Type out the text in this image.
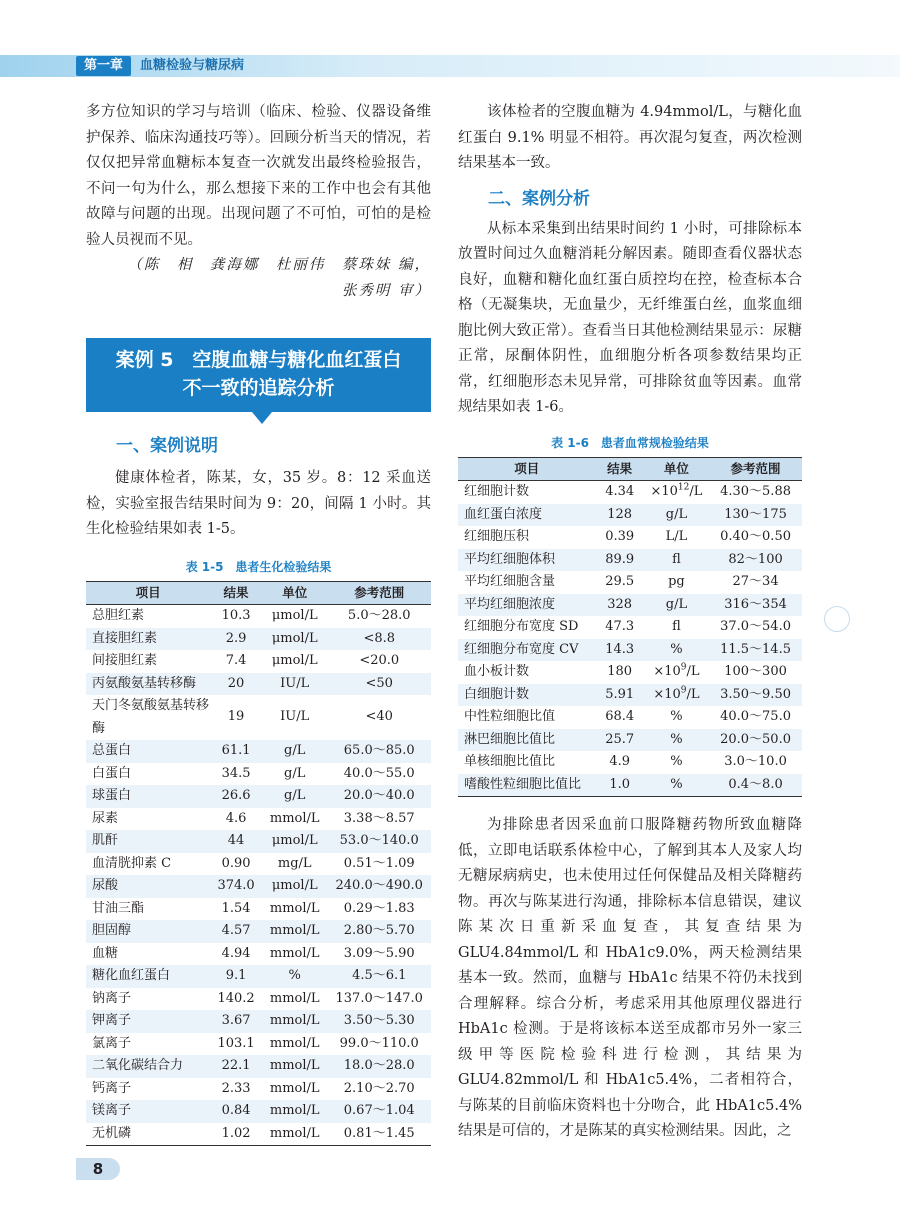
第一章	血糖检验与糖尿病

多方位知识的学习与培训（临床、检验、仪器设备维护保养、临床沟通技巧等）。回顾分析当天的情况，若仅仅把异常血糖标本复查一次就发出最终检验报告，不问一句为什么，那么想接下来的工作中也会有其他故障与问题的出现。出现问题了不可怕，可怕的是检验人员视而不见。

（陈　相　龚海娜　杜丽伟　蔡珠妹 编，

张秀明 审）

案例 5　空腹血糖与糖化血红蛋白
不一致的追踪分析

一、案例说明

健康体检者，陈某，女，35 岁。8：12 采血送检，实验室报告结果时间为 9：20，间隔 1 小时。其生化检验结果如表 1-5。

表 1-5　患者生化检验结果
项目	结果	单位	参考范围
总胆红素	10.3	μmol/L	5.0～28.0
直接胆红素	2.9	μmol/L	<8.8
间接胆红素	7.4	μmol/L	<20.0
丙氨酸氨基转移酶	20	IU/L	<50
天门冬氨酸氨基转移酶	19	IU/L	<40
总蛋白	61.1	g/L	65.0～85.0
白蛋白	34.5	g/L	40.0～55.0
球蛋白	26.6	g/L	20.0～40.0
尿素	4.6	mmol/L	3.38～8.57
肌酐	44	μmol/L	53.0～140.0
血清胱抑素 C	0.90	mg/L	0.51～1.09
尿酸	374.0	μmol/L	240.0～490.0
甘油三酯	1.54	mmol/L	0.29～1.83
胆固醇	4.57	mmol/L	2.80～5.70
血糖	4.94	mmol/L	3.09～5.90
糖化血红蛋白	9.1	%	4.5～6.1
钠离子	140.2	mmol/L	137.0～147.0
钾离子	3.67	mmol/L	3.50～5.30
氯离子	103.1	mmol/L	99.0～110.0
二氧化碳结合力	22.1	mmol/L	18.0～28.0
钙离子	2.33	mmol/L	2.10～2.70
镁离子	0.84	mmol/L	0.67～1.04
无机磷	1.02	mmol/L	0.81～1.45

该体检者的空腹血糖为 4.94mmol/L，与糖化血红蛋白 9.1% 明显不相符。再次混匀复查，两次检测结果基本一致。

二、案例分析

从标本采集到出结果时间约 1 小时，可排除标本放置时间过久血糖消耗分解因素。随即查看仪器状态良好，血糖和糖化血红蛋白质控均在控，检查标本合格（无凝集块，无血量少，无纤维蛋白丝，血浆血细胞比例大致正常）。查看当日其他检测结果显示：尿糖正常，尿酮体阴性，血细胞分析各项参数结果均正常，红细胞形态未见异常，可排除贫血等因素。血常规结果如表 1-6。

表 1-6　患者血常规检验结果
项目	结果	单位	参考范围
红细胞计数	4.34	$\times 10^{12}/L$	4.30～5.88
血红蛋白浓度	128	g/L	130～175
红细胞压积	0.39	L/L	0.40～0.50
平均红细胞体积	89.9	fl	82～100
平均红细胞含量	29.5	pg	27～34
平均红细胞浓度	328	g/L	316～354
红细胞分布宽度 SD	47.3	fl	37.0～54.0
红细胞分布宽度 CV	14.3	%	11.5～14.5
血小板计数	180	$\times 10^9/L$	100～300
白细胞计数	5.91	$\times 10^9/L$	3.50～9.50
中性粒细胞比值	68.4	%	40.0～75.0
淋巴细胞比值比	25.7	%	20.0～50.0
单核细胞比值比	4.9	%	3.0～10.0
嗜酸性粒细胞比值比	1.0	%	0.4～8.0

为排除患者因采血前口服降糖药物所致血糖降低，立即电话联系体检中心，了解到其本人及家人均无糖尿病病史，也未使用过任何保健品及相关降糖药物。再次与陈某进行沟通，排除标本信息错误，建议陈某次日重新采血复查，其复查结果为 GLU4.84mmol/L 和 HbA1c9.0%，两天检测结果基本一致。然而，血糖与 HbA1c 结果不符仍未找到合理解释。综合分析，考虑采用其他原理仪器进行 HbA1c 检测。于是将该标本送至成都市另外一家三级甲等医院检验科进行检测，其结果为 GLU4.82mmol/L 和 HbA1c5.4%，二者相符合，与陈某的目前临床资料也十分吻合，此 HbA1c5.4% 结果是可信的，才是陈某的真实检测结果。因此，之

8
